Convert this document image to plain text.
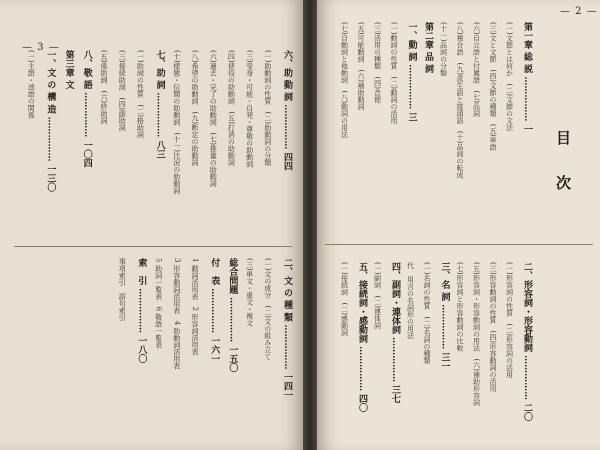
— 3 —
六、助 動 詞 …………… 四四
(一)助動詞の性質　(二)助動詞の分類
(三)受身・可能・自発・尊敬の助動詞
(四)使役の助動詞　(五)打消の助動詞
(六)過去・完了の助動詞　(七)推量の助動詞
(八)希望の助動詞　(九)断定の助動詞
(十)様態・伝聞の助動詞　(十一)比況の助動詞
七、助 詞 …………… 八三
(一)助詞の性質　(二)格助詞
(三)接続助詞　(四)副助詞
(五)係助詞　(六)終助詞
八、敬 語 …………… 一〇四
第三章 文
一、文 の 構 造 …………… 一三〇
(一)主語・述語の関係
二、文 の 種 類 …………… 一四一
(一)文の成分　(二)文の組み立て
(三)単文・重文・複文
総合問題 …………… 一五〇
付　表 …………… 一六一
1 動詞活用表　2 形容詞活用表
3 形容動詞活用表　4 助動詞活用表
5 助詞一覧表　6 敬語一覧表
索　引 …………… 一八〇
事項索引　語句索引
— 2 —
目次
第一章 総 説 …………… 一
(一)文節とは何か　(二)文節の文法
(三)文と文節　(四)文節の種類　(五)単語
(六)自立語と付属語　(七)品詞
(八)複合語　(九)派生語と接頭語　(十)品詞の転成
(十一)品詞の分類
第二章 品 詞
一、動 詞 …………… 三
(一)動詞の性質　(二)動詞の活用
(三)活用の種類　(四)音便
(五)可能動詞　(六)補助動詞
(七)自動詞と他動詞　(八)動詞の用法
二、形容詞・形容動詞 …………… 二〇
(一)形容詞の性質　(二)形容詞の活用
(三)形容動詞の性質　(四)形容動詞の活用
(五)形容詞・形容動詞の用法　(六)補助形容詞
(七)形容詞と形容動詞の比較
三、名 詞 …………… 三一
(一)名詞の性質　(二)名詞の種類
代　用言の名詞形の用法
四、副詞・連体詞 …………… 三七
(一)副詞　(二)連体詞
五、接続詞・感動詞 …………… 四〇
(一)接続詞　(二)感動詞
